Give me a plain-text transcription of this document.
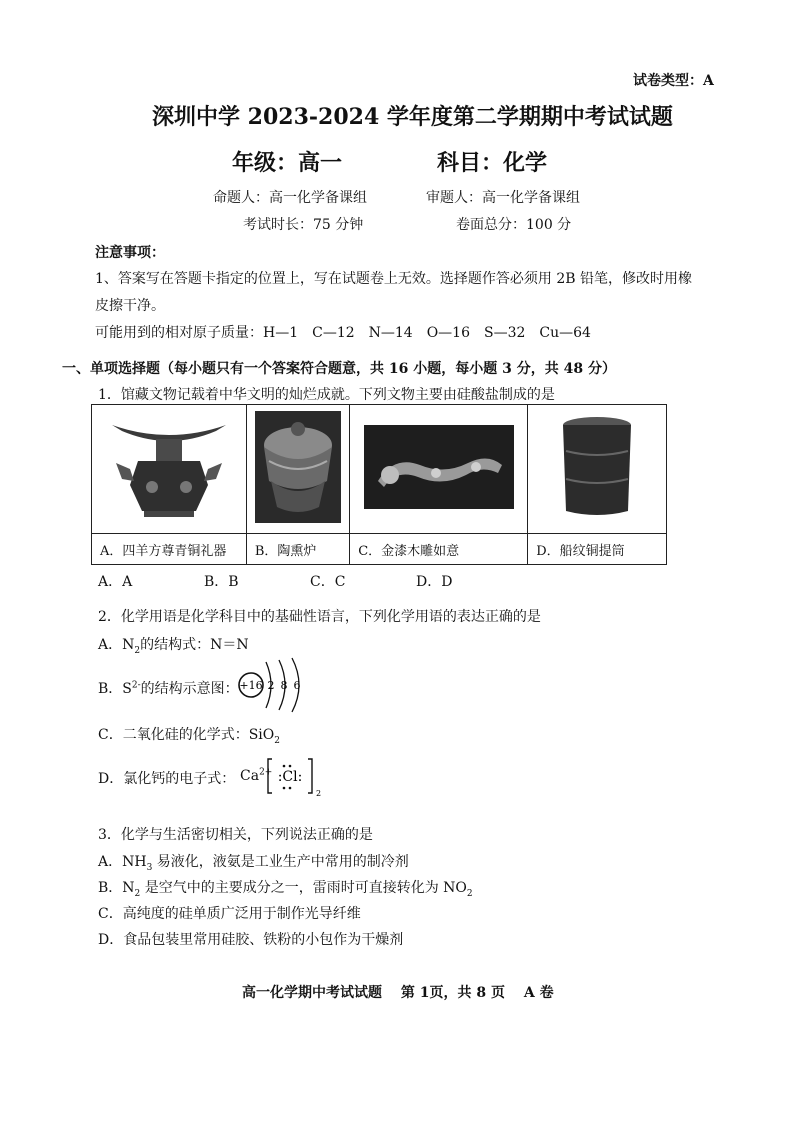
试卷类型：A
深圳中学 2023-2024 学年度第二学期期中考试试题
年级：高一	科目：化学
命题人：高一化学备课组	审题人：高一化学备课组
考试时长：75 分钟	卷面总分：100 分
注意事项：
1、答案写在答题卡指定的位置上，写在试题卷上无效。选择题作答必须用 2B 铅笔，修改时用橡
皮擦干净。
可能用到的相对原子质量：H—1　C—12　N—14　O—16　S—32　Cu—64
一、单项选择题（每小题只有一个答案符合题意，共 16 小题，每小题 3 分，共 48 分）
1．馆藏文物记载着中华文明的灿烂成就。下列文物主要由硅酸盐制成的是

A．四羊方尊青铜礼器	B．陶熏炉	C．金漆木雕如意	D．船纹铜提筒
A．A	B．B	C．C	D．D
2．化学用语是化学科目中的基础性语言，下列化学用语的表达正确的是
A．$N_2$的结构式：N＝N
B．$S^{2-}$的结构示意图： +16 2 8 6
C．二氧化硅的化学式：SiO$_2$
D．氯化钙的电子式： $Ca^{2+}$ :Cl:
2
3．化学与生活密切相关，下列说法正确的是
A．$NH_3$ 易液化，液氨是工业生产中常用的制冷剂
B．$N_2$ 是空气中的主要成分之一，雷雨时可直接转化为 $NO_2$
C．高纯度的硅单质广泛用于制作光导纤维
D．食品包装里常用硅胶、铁粉的小包作为干燥剂
高一化学期中考试试题　 第 1页，共 8 页　 A 卷
